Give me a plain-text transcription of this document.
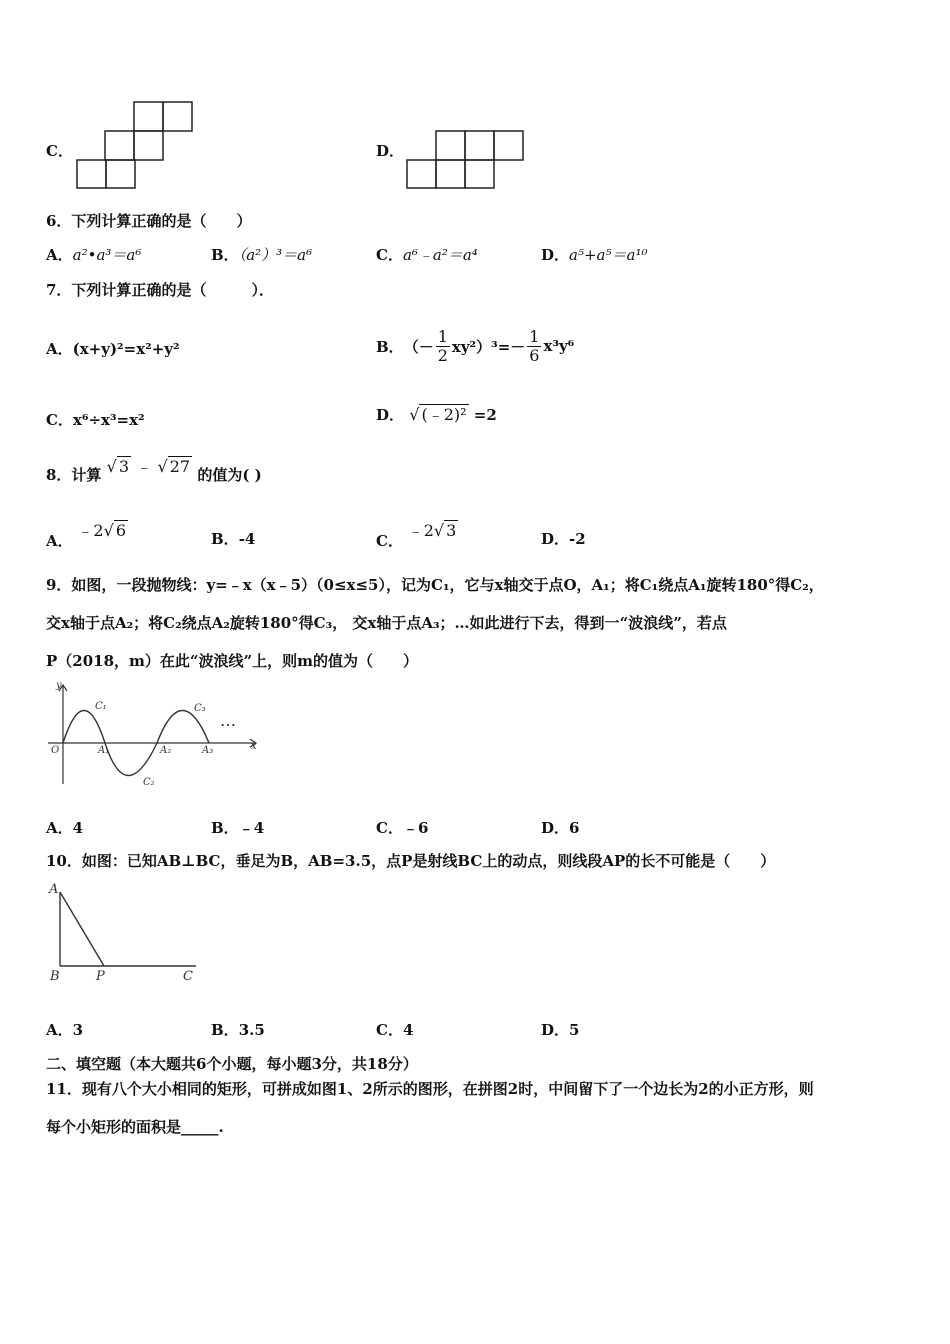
C．	D．
6．下列计算正确的是（　　）
A．a²•a³＝a⁶	B．（a²）³＝a⁶	C．a⁶﹣a²＝a⁴	D．a⁵+a⁵＝a¹⁰
7．下列计算正确的是（　　　）．
A．(x+y)²=x²+y²	B． （－ $\frac{1}{2} xy^2)^3=- \frac{1}{6} x^3y^6$
C．x⁶÷x³=x²	D． √ (﹣2)² =2
8．计算 √ 3 ﹣ √ 27 的值为( )
A． ﹣2√ 6	B．-4	C． ﹣2√ 3	D．-2
9．如图，一段抛物线：y=﹣x（x﹣5）（0≤x≤5），记为C₁，它与x轴交于点O，A₁；将C₁绕点A₁旋转180°得C₂，
交x轴于点A₂；将C₂绕点A₂旋转180°得C₃， 交x轴于点A₃；…如此进行下去，得到一“波浪线”，若点
P（2018，m）在此“波浪线”上，则m的值为（　　）
y
x
O	A₁	A₂	A₃
C₁
C₂
C₃
…
A．4	B．﹣4	C．﹣6	D．6
10．如图：已知AB⊥BC，垂足为B，AB=3.5，点P是射线BC上的动点，则线段AP的长不可能是（　　）
A
B	P	C
A．3	B．3.5	C．4	D．5
二、填空题（本大题共6个小题，每小题3分，共18分）
11．现有八个大小相同的矩形，可拼成如图1、2所示的图形，在拼图2时，中间留下了一个边长为2的小正方形，则
每个小矩形的面积是_____.
